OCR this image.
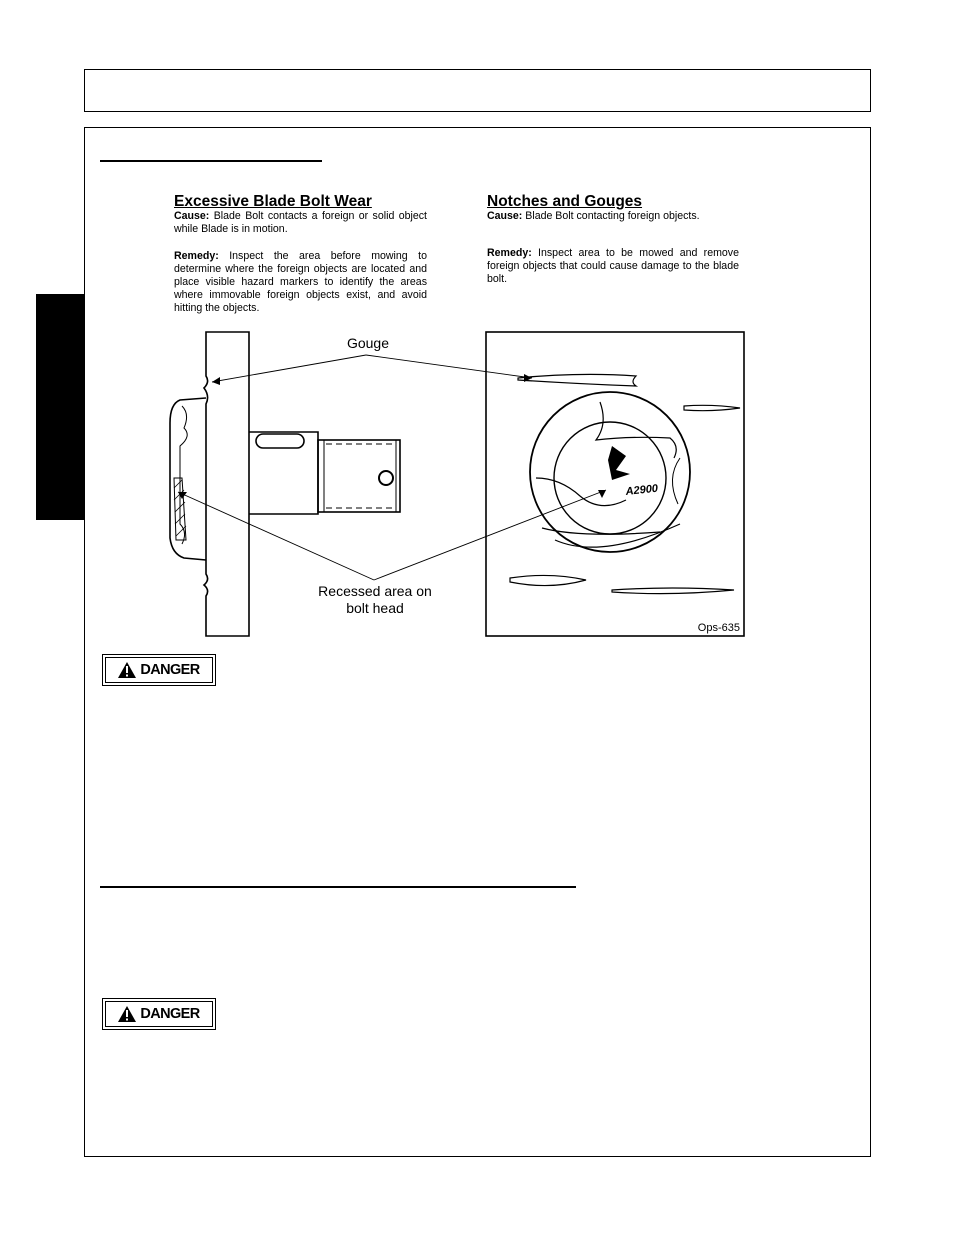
Excessive Blade Bolt Wear

Cause: Blade Bolt contacts a foreign or solid object while Blade is in motion.

Remedy: Inspect the area before mowing to determine where the foreign objects are located and place visible hazard markers to identify the areas where immovable foreign objects exist, and avoid hitting the objects.

Notches and Gouges

Cause: Blade Bolt contacting foreign objects.

Remedy: Inspect area to be mowed and remove foreign objects that could cause damage to the blade bolt.

Gouge
Recessed area on
bolt head
A2900
Ops-635
DANGER
DANGER
